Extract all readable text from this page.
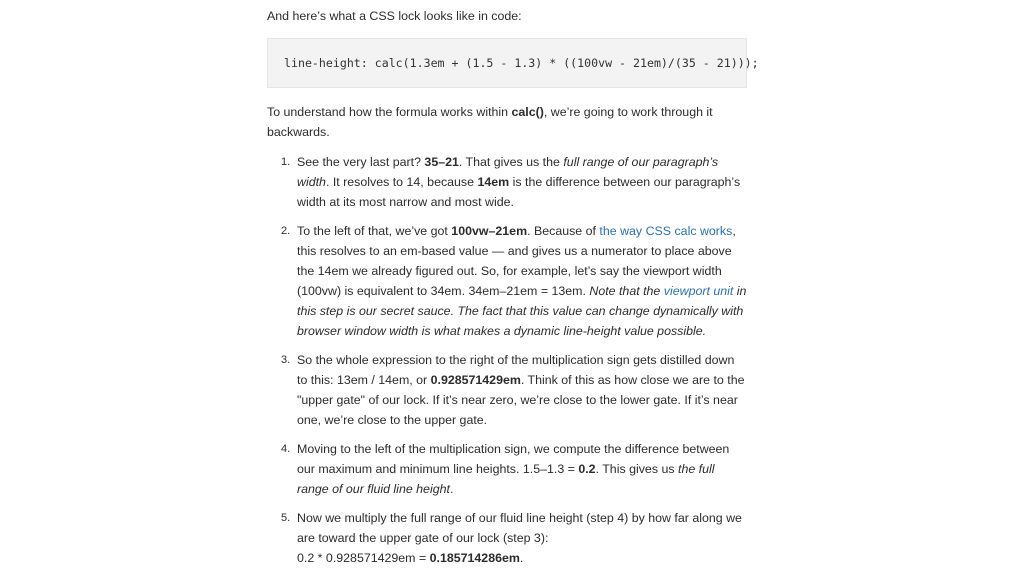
And here’s what a CSS lock looks like in code:

line-height: calc(1.3em + (1.5 - 1.3) * ((100vw - 21em)/(35 - 21)));

To understand how the formula works within calc(), we’re going to work through it backwards.

1. See the very last part? 35–21. That gives us the full range of our paragraph’s width. It resolves to 14, because 14em is the difference between our paragraph’s width at its most narrow and most wide.
2. To the left of that, we’ve got 100vw–21em. Because of the way CSS calc works, this resolves to an em-based value — and gives us a numerator to place above the 14em we already figured out. So, for example, let’s say the viewport width (100vw) is equivalent to 34em. 34em–21em = 13em. Note that the viewport unit in this step is our secret sauce. The fact that this value can change dynamically with browser window width is what makes a dynamic line-height value possible.
3. So the whole expression to the right of the multiplication sign gets distilled down to this: 13em / 14em, or 0.928571429em. Think of this as how close we are to the "upper gate" of our lock. If it’s near zero, we’re close to the lower gate. If it’s near one, we’re close to the upper gate.
4. Moving to the left of the multiplication sign, we compute the difference between our maximum and minimum line heights. 1.5–1.3 = 0.2. This gives us the full range of our fluid line height.
5. Now we multiply the full range of our fluid line height (step 4) by how far along we are toward the upper gate of our lock (step 3):
0.2 * 0.928571429em = 0.185714286em.
